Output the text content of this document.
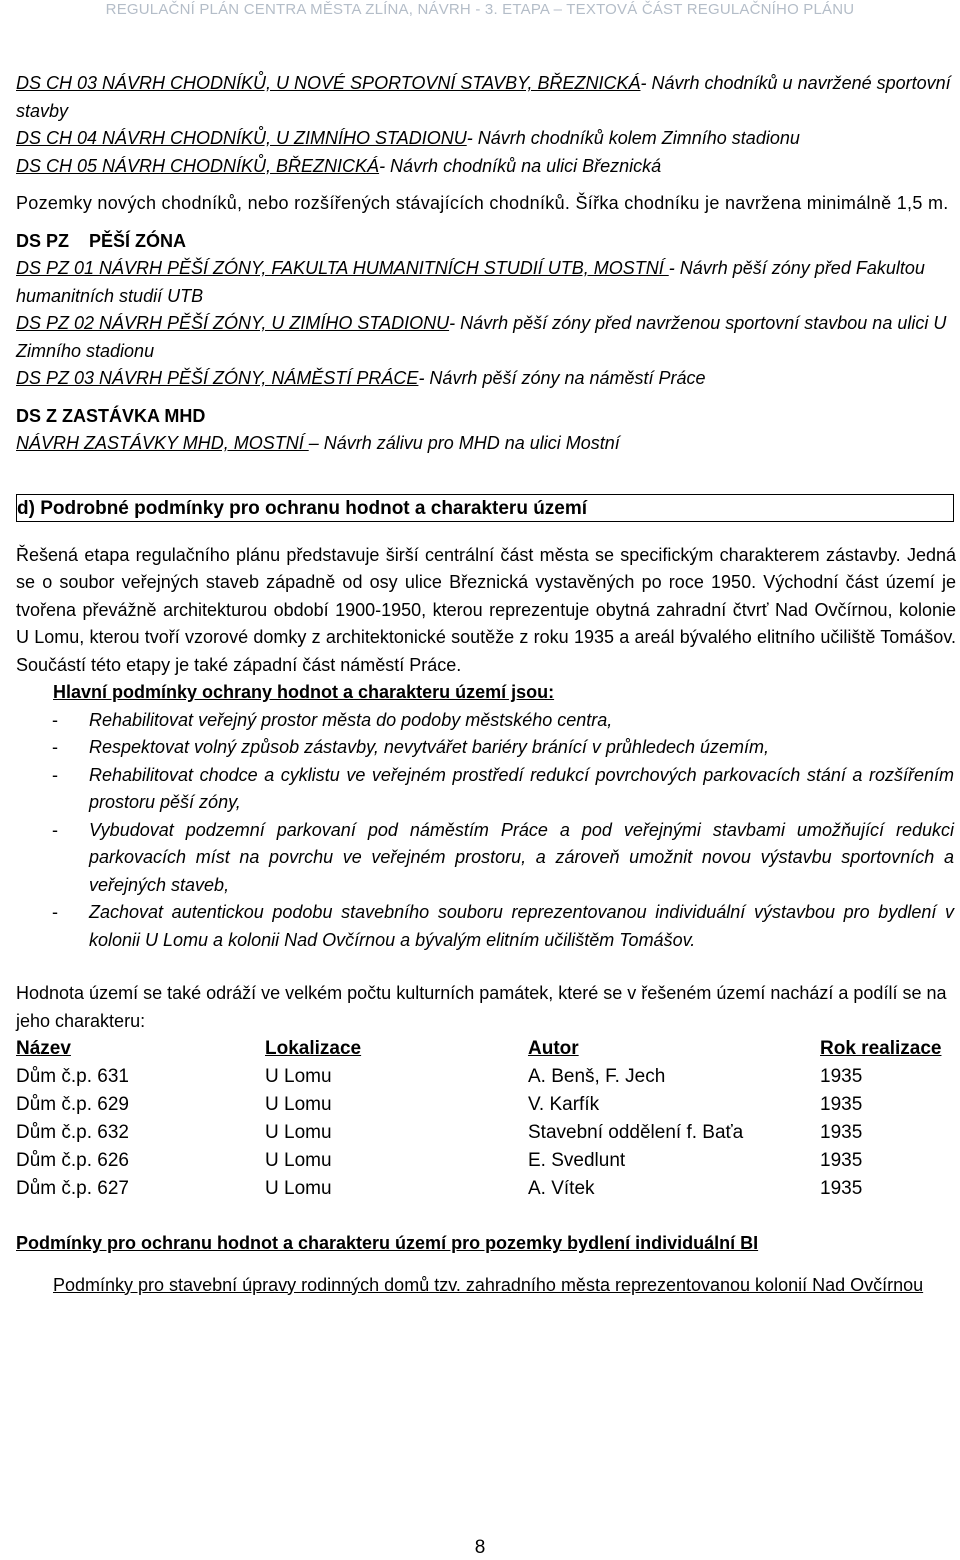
REGULAČNÍ PLÁN CENTRA MĚSTA ZLÍNA, NÁVRH - 3. ETAPA – TEXTOVÁ ČÁST REGULAČNÍHO PLÁNU

DS CH 03 NÁVRH CHODNÍKŮ, U NOVÉ SPORTOVNÍ STAVBY, BŘEZNICKÁ- Návrh chodníků u navržené sportovní stavby

DS CH 04 NÁVRH CHODNÍKŮ, U ZIMNÍHO STADIONU- Návrh chodníků kolem Zimního stadionu

DS CH 05 NÁVRH CHODNÍKŮ, BŘEZNICKÁ- Návrh chodníků na ulici Březnická

Pozemky nových chodníků, nebo rozšířených stávajících chodníků. Šířka chodníku je navržena minimálně 1,5 m.

DS PZ    PĚŠÍ ZÓNA

DS PZ 01 NÁVRH PĚŠÍ ZÓNY, FAKULTA HUMANITNÍCH STUDIÍ UTB, MOSTNÍ - Návrh pěší zóny před Fakultou humanitních studií UTB

DS PZ 02 NÁVRH PĚŠÍ ZÓNY, U ZIMÍHO STADIONU- Návrh pěší zóny před navrženou sportovní stavbou na ulici U Zimního stadionu

DS PZ 03 NÁVRH PĚŠÍ ZÓNY, NÁMĚSTÍ PRÁCE- Návrh pěší zóny na náměstí Práce

DS Z ZASTÁVKA MHD

NÁVRH ZASTÁVKY MHD, MOSTNÍ – Návrh zálivu pro MHD na ulici Mostní

d) Podrobné podmínky pro ochranu hodnot a charakteru území

Řešená etapa regulačního plánu představuje širší centrální část města se specifickým charakterem zástavby. Jedná se o soubor veřejných staveb západně od osy ulice Březnická vystavěných po roce 1950. Východní část území je tvořena převážně architekturou období 1900-1950, kterou reprezentuje obytná zahradní čtvrť Nad Ovčírnou, kolonie U Lomu, kterou tvoří vzorové domky z architektonické soutěže z roku 1935 a areál bývalého elitního učiliště Tomášov. Součástí této etapy je také západní část náměstí Práce.

Hlavní podmínky ochrany hodnot a charakteru území jsou:

- Rehabilitovat veřejný prostor města do podoby městského centra,
- Respektovat volný způsob zástavby, nevytvářet bariéry bránící v průhledech územím,
- Rehabilitovat chodce a cyklistu ve veřejném prostředí redukcí povrchových parkovacích stání a rozšířením prostoru pěší zóny,
- Vybudovat podzemní parkovaní pod náměstím Práce a pod veřejnými stavbami umožňující redukci parkovacích míst na povrchu ve veřejném prostoru, a zároveň umožnit novou výstavbu sportovních a veřejných staveb,
- Zachovat autentickou podobu stavebního souboru reprezentovanou individuální výstavbou pro bydlení v kolonii U Lomu a kolonii Nad Ovčírnou a bývalým elitním učilištěm Tomášov.

Hodnota území se také odráží ve velkém počtu kulturních památek, které se v řešeném území nachází a podílí se na jeho charakteru:

Název	Lokalizace	Autor	Rok realizace
Dům č.p. 631	U Lomu	A. Benš, F. Jech	1935
Dům č.p. 629	U Lomu	V. Karfík	1935
Dům č.p. 632	U Lomu	Stavební oddělení f. Baťa	1935
Dům č.p. 626	U Lomu	E. Svedlunt	1935
Dům č.p. 627	U Lomu	A. Vítek	1935

Podmínky pro ochranu hodnot a charakteru území pro pozemky bydlení individuální BI

Podmínky pro stavební úpravy rodinných domů tzv. zahradního města reprezentovanou kolonií Nad Ovčírnou

8
